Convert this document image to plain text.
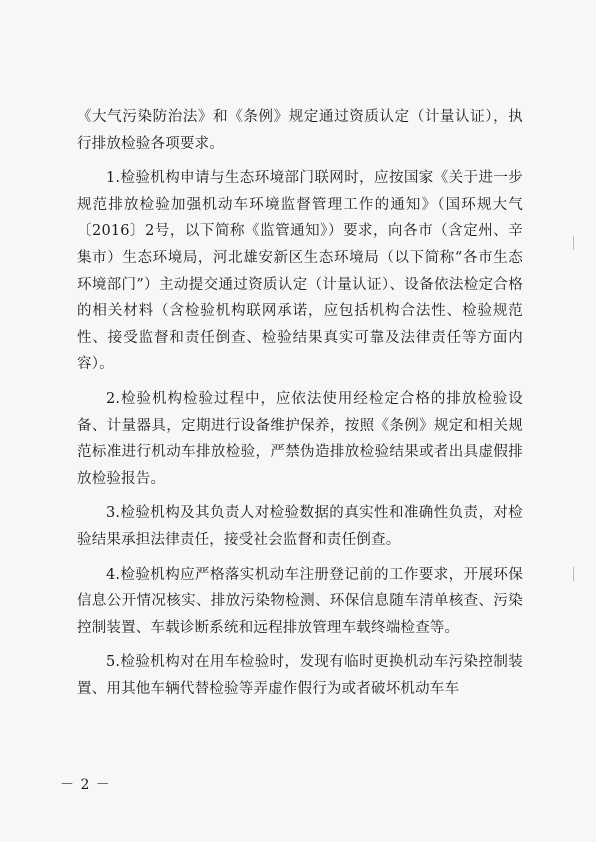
《大气污染防治法》和《条例》规定通过资质认定（计量认证），执行排放检验各项要求。

1.检验机构申请与生态环境部门联网时，应按国家《关于进一步规范排放检验加强机动车环境监督管理工作的通知》（国环规大气〔2016〕2号，以下简称《监管通知》）要求，向各市（含定州、辛集市）生态环境局，河北雄安新区生态环境局（以下简称“各市生态环境部门”）主动提交通过资质认定（计量认证）、设备依法检定合格的相关材料（含检验机构联网承诺，应包括机构合法性、检验规范性、接受监督和责任倒查、检验结果真实可靠及法律责任等方面内容）。

2.检验机构检验过程中，应依法使用经检定合格的排放检验设备、计量器具，定期进行设备维护保养，按照《条例》规定和相关规范标准进行机动车排放检验，严禁伪造排放检验结果或者出具虚假排放检验报告。

3.检验机构及其负责人对检验数据的真实性和准确性负责，对检验结果承担法律责任，接受社会监督和责任倒查。

4.检验机构应严格落实机动车注册登记前的工作要求，开展环保信息公开情况核实、排放污染物检测、环保信息随车清单核查、污染控制装置、车载诊断系统和远程排放管理车载终端检查等。

5.检验机构对在用车检验时，发现有临时更换机动车污染控制装置、用其他车辆代替检验等弄虚作假行为或者破坏机动车车

－ 2 －
